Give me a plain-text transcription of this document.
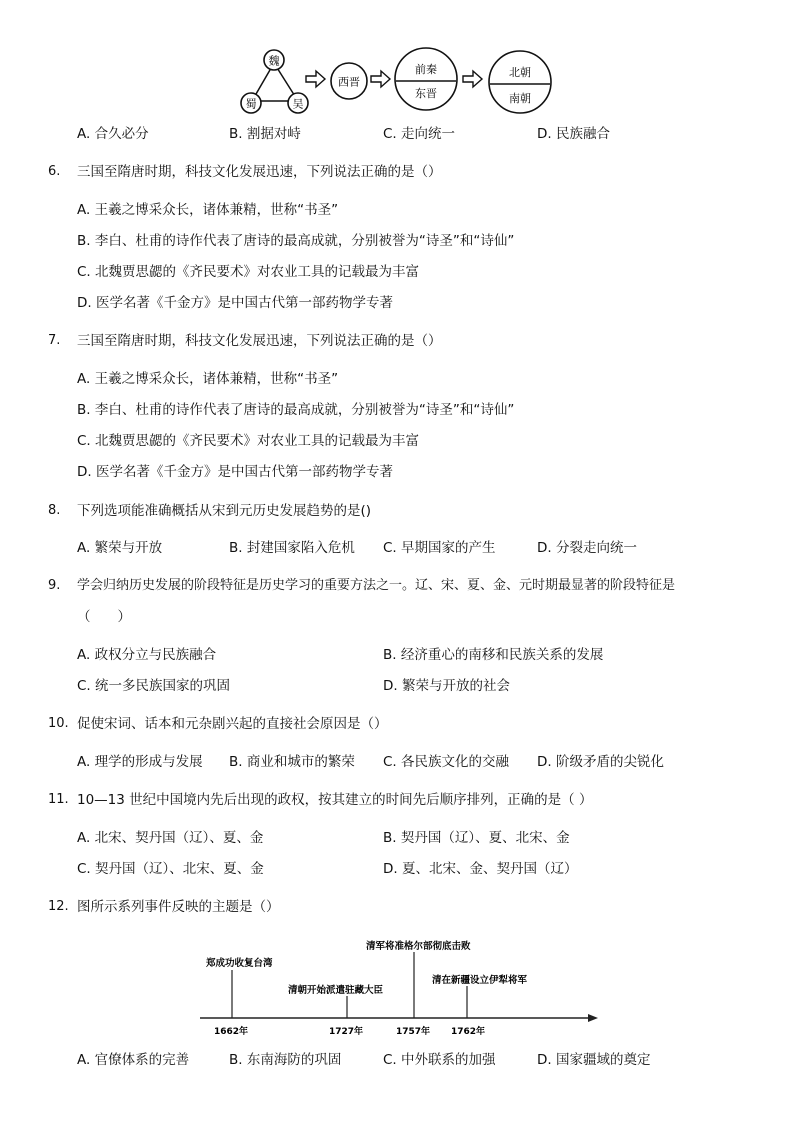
魏
蜀	吴
西晋
前秦
东晋
北朝
南朝
A. 合久必分	B. 割据对峙	C. 走向统一	D. 民族融合
6. 三国至隋唐时期，科技文化发展迅速，下列说法正确的是（）
A. 王羲之博采众长，诸体兼精，世称“书圣”
B. 李白、杜甫的诗作代表了唐诗的最高成就，分别被誉为“诗圣”和“诗仙”
C. 北魏贾思勰的《齐民要术》对农业工具的记载最为丰富
D. 医学名著《千金方》是中国古代第一部药物学专著
7. 三国至隋唐时期，科技文化发展迅速，下列说法正确的是（）
A. 王羲之博采众长，诸体兼精，世称“书圣”
B. 李白、杜甫的诗作代表了唐诗的最高成就，分别被誉为“诗圣”和“诗仙”
C. 北魏贾思勰的《齐民要术》对农业工具的记载最为丰富
D. 医学名著《千金方》是中国古代第一部药物学专著
8. 下列选项能准确概括从宋到元历史发展趋势的是()
A. 繁荣与开放	B. 封建国家陷入危机 C. 早期国家的产生	D. 分裂走向统一
9. 学会归纳历史发展的阶段特征是历史学习的重要方法之一。辽、宋、夏、金、元时期最显著的阶段特征是
（　　）
A. 政权分立与民族融合	B. 经济重心的南移和民族关系的发展
C. 统一多民族国家的巩固	D. 繁荣与开放的社会
10. 促使宋词、话本和元杂剧兴起的直接社会原因是（）
A. 理学的形成与发展 B. 商业和城市的繁荣 C. 各民族文化的交融 D. 阶级矛盾的尖锐化
11. 10—13 世纪中国境内先后出现的政权，按其建立的时间先后顺序排列，正确的是（ ）
A. 北宋、契丹国（辽）、夏、金	B. 契丹国（辽）、夏、北宋、金
C. 契丹国（辽）、北宋、夏、金	D. 夏、北宋、金、契丹国（辽）
12. 图所示系列事件反映的主题是（）
郑成功收复台湾
1662年
清朝开始派遣驻藏大臣
1727年
清军将准格尔部彻底击败
1757年
清在新疆设立伊犁将军
1762年
A. 官僚体系的完善	B. 东南海防的巩固	C. 中外联系的加强	D. 国家疆域的奠定
